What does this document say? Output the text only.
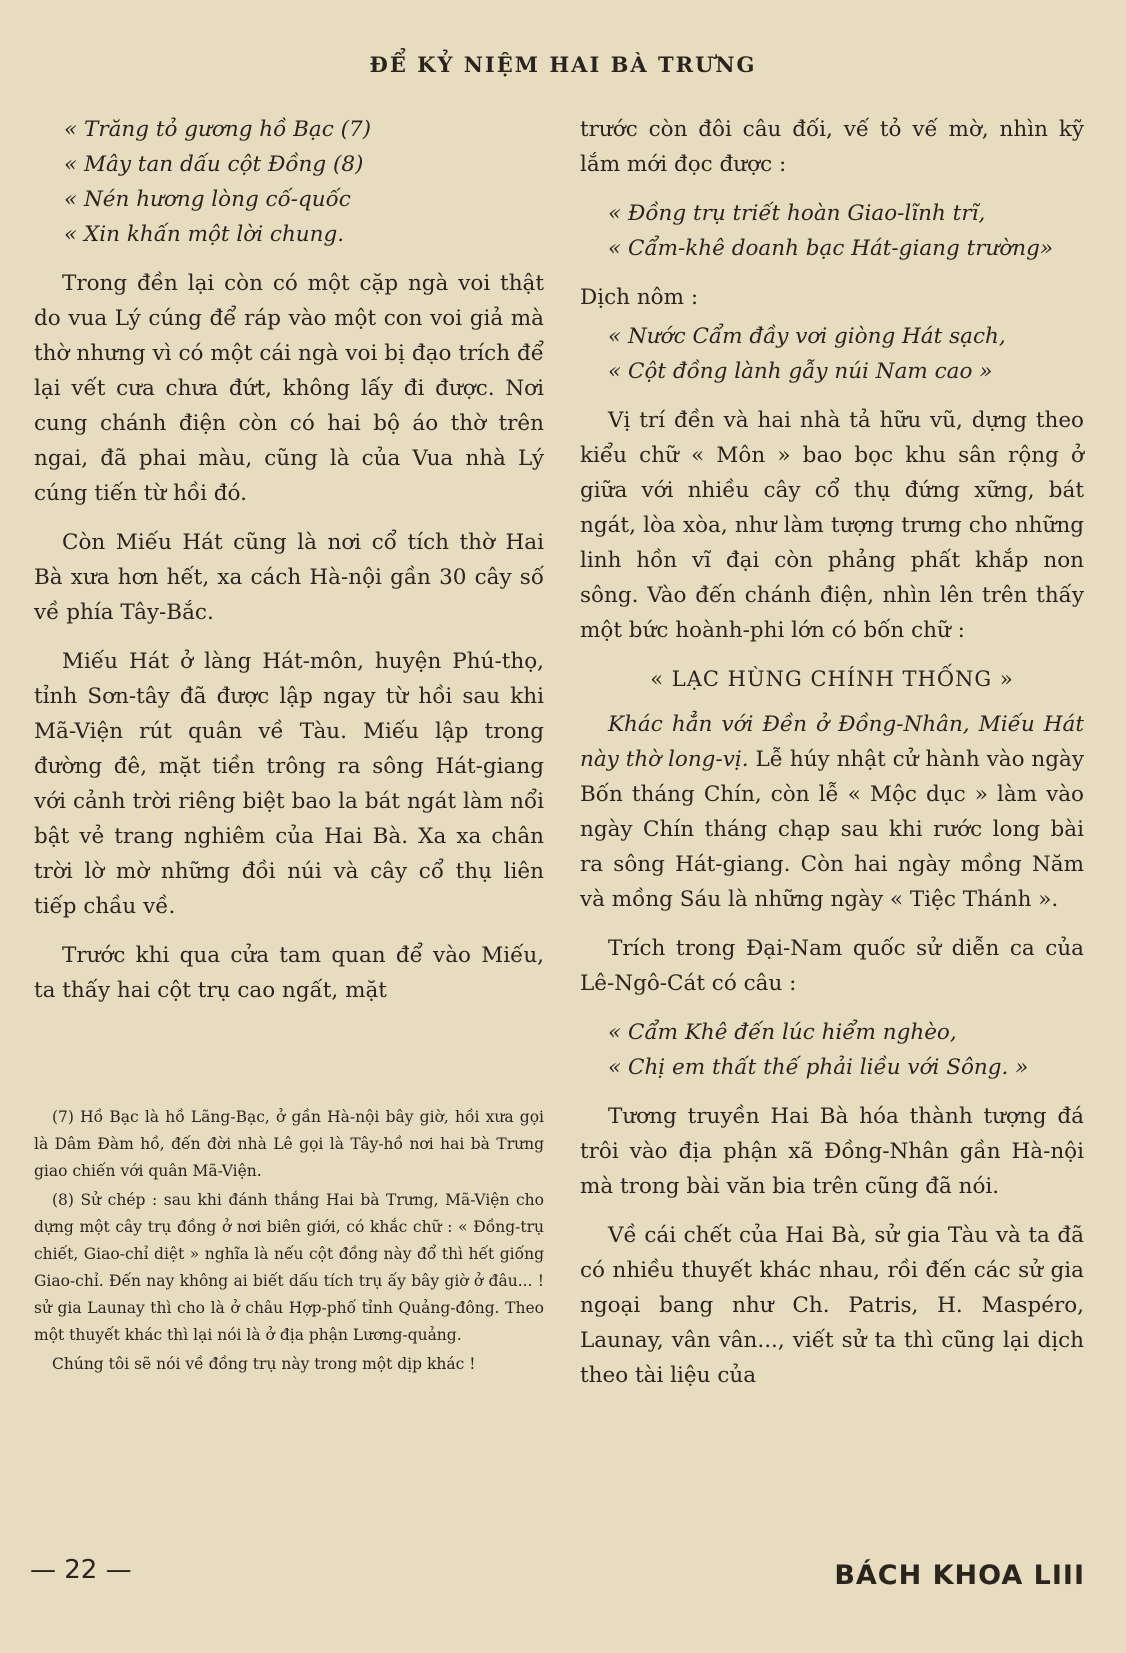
ĐỂ KỶ NIỆM HAI BÀ TRƯNG
« Trăng tỏ gương hồ Bạc (7)
« Mây tan dấu cột Đồng (8)
« Nén hương lòng cố-quốc
« Xin khấn một lời chung.

Trong đền lại còn có một cặp ngà voi thật do vua Lý cúng để ráp vào một con voi giả mà thờ nhưng vì có một cái ngà voi bị đạo trích để lại vết cưa chưa đứt, không lấy đi được. Nơi cung chánh điện còn có hai bộ áo thờ trên ngai, đã phai màu, cũng là của Vua nhà Lý cúng tiến từ hồi đó.

Còn Miếu Hát cũng là nơi cổ tích thờ Hai Bà xưa hơn hết, xa cách Hà-nội gần 30 cây số về phía Tây-Bắc.

Miếu Hát ở làng Hát-môn, huyện Phú-thọ, tỉnh Sơn-tây đã được lập ngay từ hồi sau khi Mã-Viện rút quân về Tàu. Miếu lập trong đường đê, mặt tiền trông ra sông Hát-giang với cảnh trời riêng biệt bao la bát ngát làm nổi bật vẻ trang nghiêm của Hai Bà. Xa xa chân trời lờ mờ những đồi núi và cây cổ thụ liên tiếp chầu về.

Trước khi qua cửa tam quan để vào Miếu, ta thấy hai cột trụ cao ngất, mặt

(7) Hồ Bạc là hồ Lãng-Bạc, ở gần Hà-nội bây giờ, hồi xưa gọi là Dâm Đàm hồ, đến đời nhà Lê gọi là Tây-hồ nơi hai bà Trưng giao chiến với quân Mã-Viện.

(8) Sử chép : sau khi đánh thắng Hai bà Trưng, Mã-Viện cho dựng một cây trụ đồng ở nơi biên giới, có khắc chữ : « Đồng-trụ chiết, Giao-chỉ diệt » nghĩa là nếu cột đồng này đổ thì hết giống Giao-chỉ. Đến nay không ai biết dấu tích trụ ấy bây giờ ở đâu... ! sử gia Launay thì cho là ở châu Hợp-phố tỉnh Quảng-đông. Theo một thuyết khác thì lại nói là ở địa phận Lương-quảng.

Chúng tôi sẽ nói về đồng trụ này trong một dịp khác !

trước còn đôi câu đối, vế tỏ vế mờ, nhìn kỹ lắm mới đọc được :

« Đồng trụ triết hoàn Giao-lĩnh trĩ,
« Cẩm-khê doanh bạc Hát-giang trường»

Dịch nôm :

« Nước Cẩm đầy vơi giòng Hát sạch,
« Cột đồng lành gẫy núi Nam cao »

Vị trí đền và hai nhà tả hữu vũ, dựng theo kiểu chữ « Môn » bao bọc khu sân rộng ở giữa với nhiều cây cổ thụ đứng xững, bát ngát, lòa xòa, như làm tượng trưng cho những linh hồn vĩ đại còn phảng phất khắp non sông. Vào đến chánh điện, nhìn lên trên thấy một bức hoành-phi lớn có bốn chữ :

« LẠC HÙNG CHÍNH THỐNG »

Khác hẳn với Đền ở Đồng-Nhân, Miếu Hát này thờ long-vị. Lễ húy nhật cử hành vào ngày Bốn tháng Chín, còn lễ « Mộc dục » làm vào ngày Chín tháng chạp sau khi rước long bài ra sông Hát-giang. Còn hai ngày mồng Năm và mồng Sáu là những ngày « Tiệc Thánh ».

Trích trong Đại-Nam quốc sử diễn ca của Lê-Ngô-Cát có câu :

« Cẩm Khê đến lúc hiểm nghèo,
« Chị em thất thế phải liều với Sông. »

Tương truyền Hai Bà hóa thành tượng đá trôi vào địa phận xã Đồng-Nhân gần Hà-nội mà trong bài văn bia trên cũng đã nói.

Về cái chết của Hai Bà, sử gia Tàu và ta đã có nhiều thuyết khác nhau, rồi đến các sử gia ngoại bang như Ch. Patris, H. Maspéro, Launay, vân vân..., viết sử ta thì cũng lại dịch theo tài liệu của

— 22 —	BÁCH KHOA LIII
